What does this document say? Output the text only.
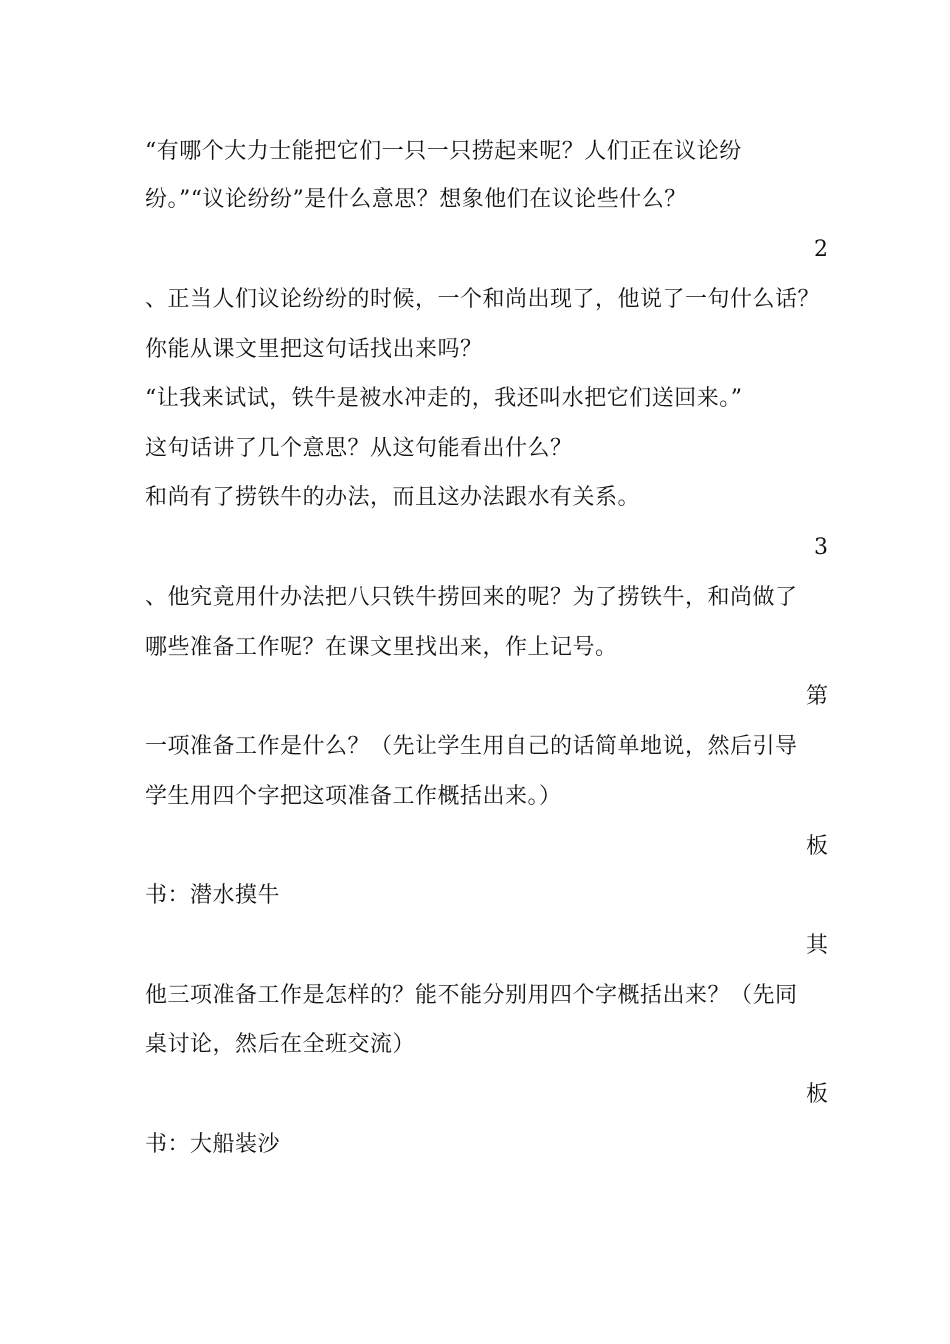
“有哪个大力士能把它们一只一只捞起来呢？人们正在议论纷
纷。”“议论纷纷”是什么意思？想象他们在议论些什么？
2
、正当人们议论纷纷的时候，一个和尚出现了，他说了一句什么话？
你能从课文里把这句话找出来吗？
“让我来试试，铁牛是被水冲走的，我还叫水把它们送回来。”
这句话讲了几个意思？从这句能看出什么？
和尚有了捞铁牛的办法，而且这办法跟水有关系。
3
、他究竟用什办法把八只铁牛捞回来的呢？为了捞铁牛，和尚做了
哪些准备工作呢？在课文里找出来，作上记号。
第
一项准备工作是什么？（先让学生用自己的话简单地说，然后引导
学生用四个字把这项准备工作概括出来。）
板
书：潜水摸牛
其
他三项准备工作是怎样的？能不能分别用四个字概括出来？（先同
桌讨论，然后在全班交流）
板
书：大船装沙
